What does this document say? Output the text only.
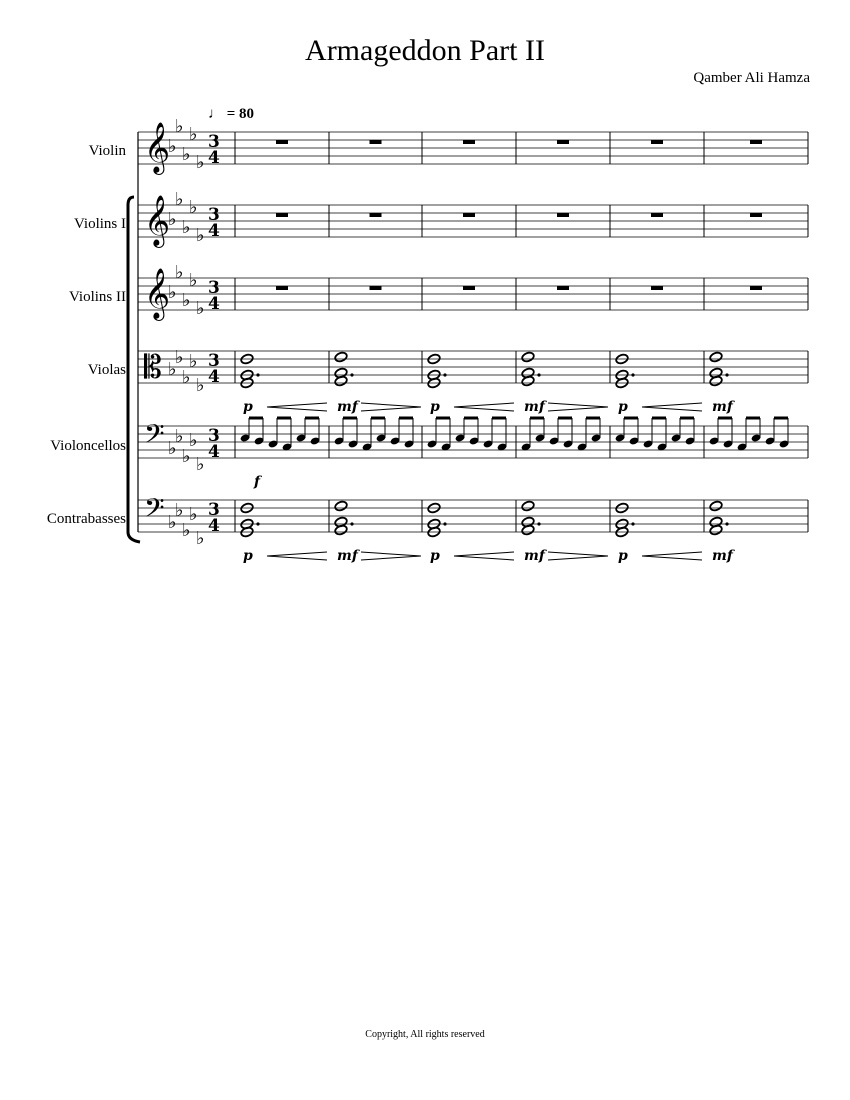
Armageddon Part II
Qamber Ali Hamza
♩ = 80
Violin
Violins I
Violins II
Violas
Violoncellos
Contrabasses
𝄞
♭
♭
♭
♭
♭
3
4
𝄞
♭
♭
♭
♭
♭
3
4
𝄞
♭
♭
♭
♭
♭
3
4
𝄡 ♭
♭
♭
♭
♭
3
4
𝄢 ♭
♭
♭
♭
♭
3
4
𝄢 ♭
♭
♭
♭
♭
3
4
p	mf	p	mf	p	mf
p	mf	p	mf	p	mf
f
Copyright, All rights reserved
